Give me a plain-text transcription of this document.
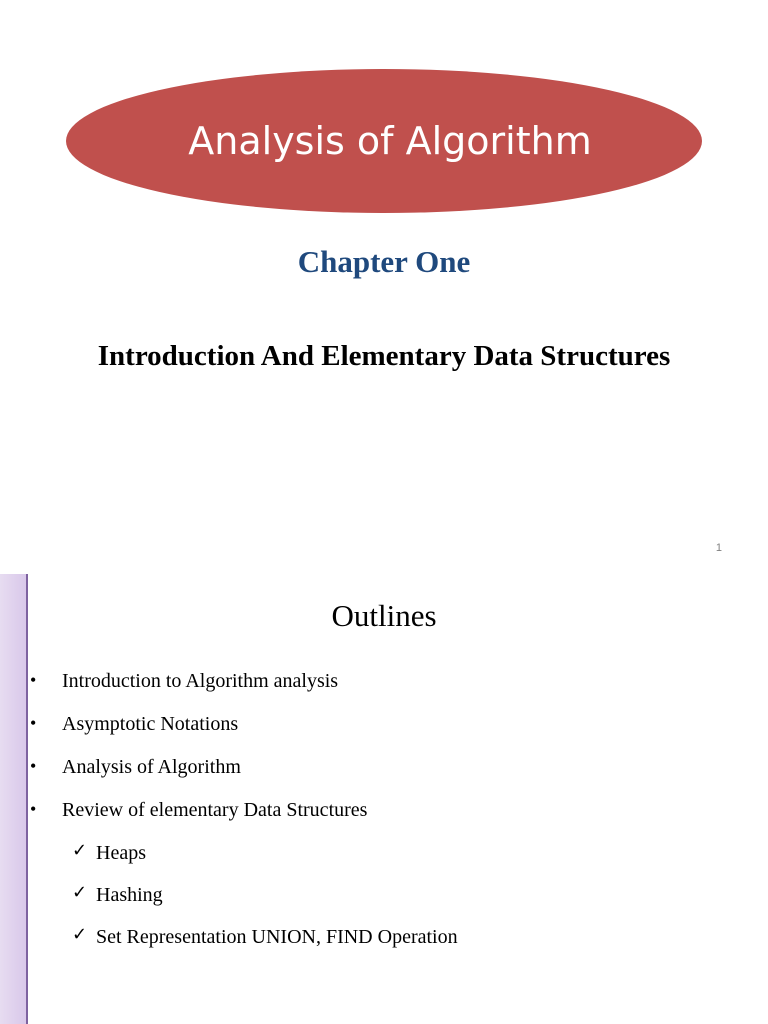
Analysis of Algorithm
Chapter One
Introduction And Elementary Data Structures
1
Outlines
• Introduction to Algorithm analysis
• Asymptotic Notations
• Analysis of Algorithm
• Review of elementary Data Structures
✓ Heaps
✓ Hashing
✓ Set Representation UNION, FIND Operation
